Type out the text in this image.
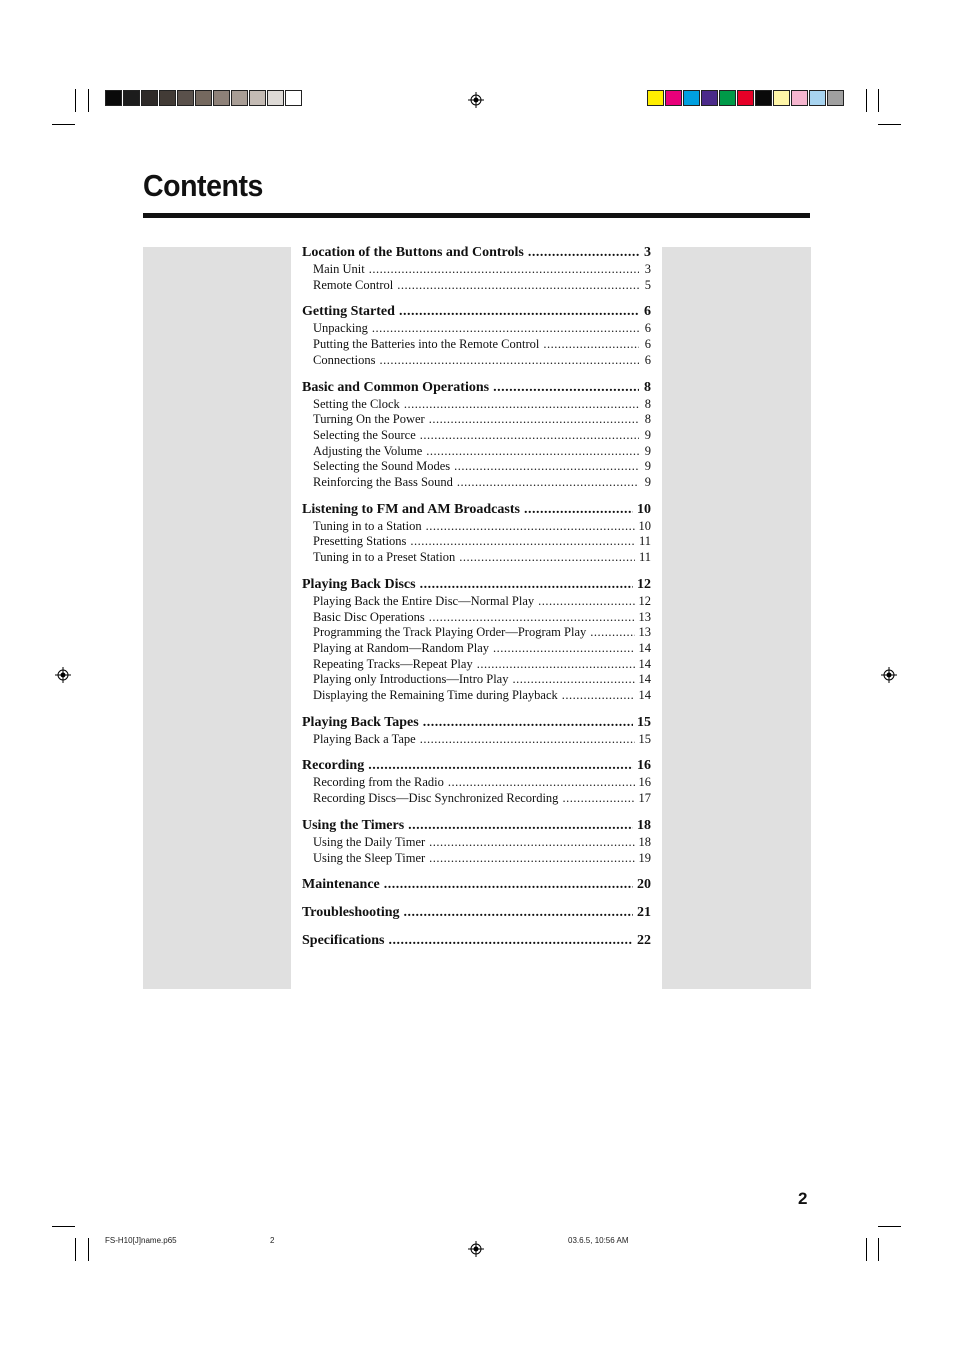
Contents
Location of the Buttons and Controls .....	3
Main Unit .....	3
Remote Control .....	5
Getting Started .....	6
Unpacking .....	6
Putting the Batteries into the Remote Control .....	6
Connections .....	6
Basic and Common Operations .....	8
Setting the Clock .....	8
Turning On the Power .....	8
Selecting the Source .....	9
Adjusting the Volume .....	9
Selecting the Sound Modes .....	9
Reinforcing the Bass Sound .....	9
Listening to FM and AM Broadcasts .....	10
Tuning in to a Station .....	10
Presetting Stations .....	11
Tuning in to a Preset Station .....	11
Playing Back Discs .....	12
Playing Back the Entire Disc—Normal Play .....	12
Basic Disc Operations .....	13
Programming the Track Playing Order—Program Play .....	13
Playing at Random—Random Play .....	14
Repeating Tracks—Repeat Play .....	14
Playing only Introductions—Intro Play .....	14
Displaying the Remaining Time during Playback .....	14
Playing Back Tapes .....	15
Playing Back a Tape .....	15
Recording .....	16
Recording from the Radio .....	16
Recording Discs—Disc Synchronized Recording .....	17
Using the Timers .....	18
Using the Daily Timer .....	18
Using the Sleep Timer .....	19
Maintenance .....	20
Troubleshooting .....	21
Specifications .....	22
2
FS-H10[J]name.p65	2	03.6.5, 10:56 AM
